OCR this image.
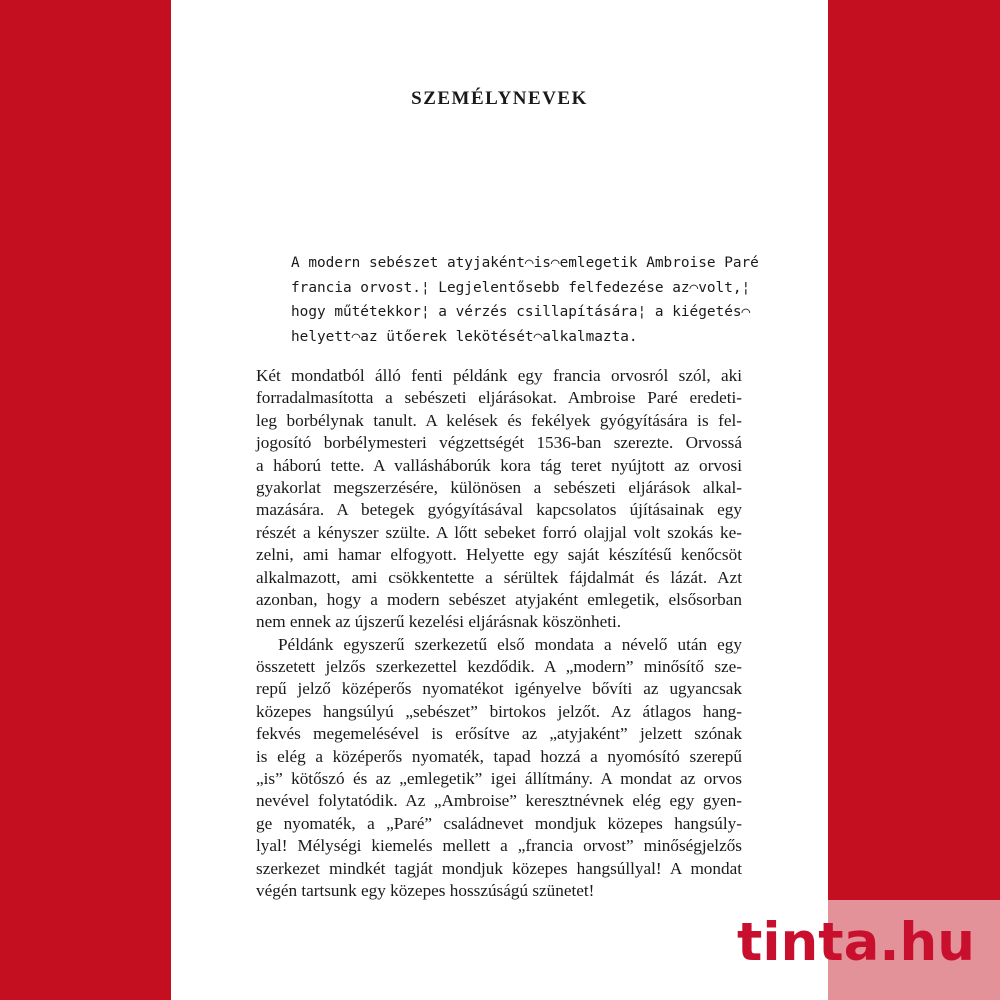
SZEMÉLYNEVEK
A modern sebészet atyjaként⌒is⌒emlegetik Ambroise Paré
francia orvost.¦ Legjelentősebb felfedezése az⌒volt,¦
hogy műtétekkor¦ a vérzés csillapítására¦ a kiégetés⌒
helyett⌒az ütőerek lekötését⌒alkalmazta.
Két mondatból álló fenti példánk egy francia orvosról szól, aki
forradalmasította a sebészeti eljárásokat. Ambroise Paré eredeti-
leg borbélynak tanult. A kelések és fekélyek gyógyítására is fel-
jogosító borbélymesteri végzettségét 1536-ban szerezte. Orvossá
a háború tette. A vallásháborúk kora tág teret nyújtott az orvosi
gyakorlat megszerzésére, különösen a sebészeti eljárások alkal-
mazására. A betegek gyógyításával kapcsolatos újításainak egy
részét a kényszer szülte. A lőtt sebeket forró olajjal volt szokás ke-
zelni, ami hamar elfogyott. Helyette egy saját készítésű kenőcsöt
alkalmazott, ami csökkentette a sérültek fájdalmát és lázát. Azt
azonban, hogy a modern sebészet atyjaként emlegetik, elsősorban
nem ennek az újszerű kezelési eljárásnak köszönheti.
Példánk egyszerű szerkezetű első mondata a névelő után egy
összetett jelzős szerkezettel kezdődik. A „modern” minősítő sze-
repű jelző középerős nyomatékot igényelve bővíti az ugyancsak
közepes hangsúlyú „sebészet” birtokos jelzőt. Az átlagos hang-
fekvés megemelésével is erősítve az „atyjaként” jelzett szónak
is elég a középerős nyomaték, tapad hozzá a nyomósító szerepű
„is” kötőszó és az „emlegetik” igei állítmány. A mondat az orvos
nevével folytatódik. Az „Ambroise” keresztnévnek elég egy gyen-
ge nyomaték, a „Paré” családnevet mondjuk közepes hangsúly-
lyal! Mélységi kiemelés mellett a „francia orvost” minőségjelzős
szerkezet mindkét tagját mondjuk közepes hangsúllyal! A mondat
végén tartsunk egy közepes hosszúságú szünetet!
tinta.hu
